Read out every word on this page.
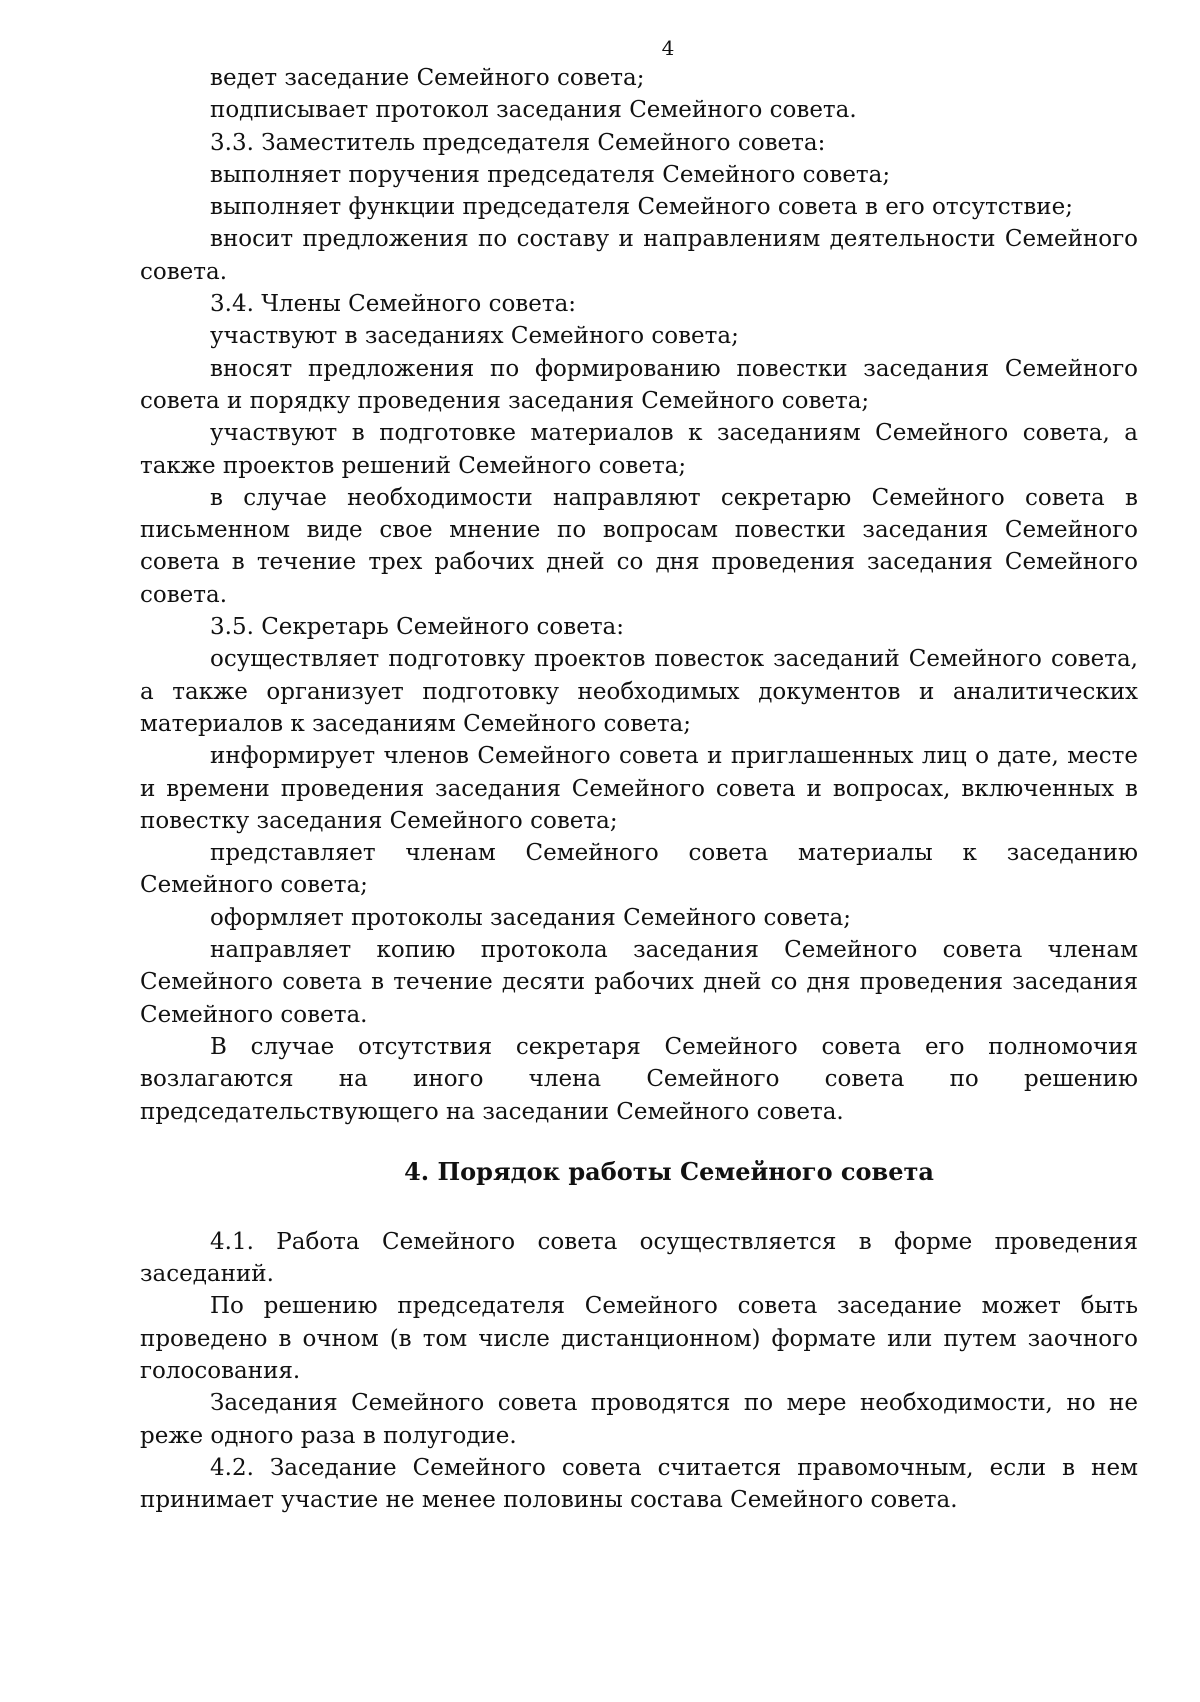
4

ведет заседание Семейного совета;

подписывает протокол заседания Семейного совета.

3.3. Заместитель председателя Семейного совета:

выполняет поручения председателя Семейного совета;

выполняет функции председателя Семейного совета в его отсутствие;

вносит предложения по составу и направлениям деятельности Семейного совета.

3.4. Члены Семейного совета:

участвуют в заседаниях Семейного совета;

вносят предложения по формированию повестки заседания Семейного совета и порядку проведения заседания Семейного совета;

участвуют в подготовке материалов к заседаниям Семейного совета, а также проектов решений Семейного совета;

в случае необходимости направляют секретарю Семейного совета в письменном виде свое мнение по вопросам повестки заседания Семейного совета в течение трех рабочих дней со дня проведения заседания Семейного совета.

3.5. Секретарь Семейного совета:

осуществляет подготовку проектов повесток заседаний Семейного совета, а также организует подготовку необходимых документов и аналитических материалов к заседаниям Семейного совета;

информирует членов Семейного совета и приглашенных лиц о дате, месте и времени проведения заседания Семейного совета и вопросах, включенных в повестку заседания Семейного совета;

представляет членам Семейного совета материалы к заседанию Семейного совета;

оформляет протоколы заседания Семейного совета;

направляет копию протокола заседания Семейного совета членам Семейного совета в течение десяти рабочих дней со дня проведения заседания Семейного совета.

В случае отсутствия секретаря Семейного совета его полномочия возлагаются на иного члена Семейного совета по решению председательствующего на заседании Семейного совета.

4. Порядок работы Семейного совета

4.1. Работа Семейного совета осуществляется в форме проведения заседаний.

По решению председателя Семейного совета заседание может быть проведено в очном (в том числе дистанционном) формате или путем заочного голосования.

Заседания Семейного совета проводятся по мере необходимости, но не реже одного раза в полугодие.

4.2. Заседание Семейного совета считается правомочным, если в нем принимает участие не менее половины состава Семейного совета.
